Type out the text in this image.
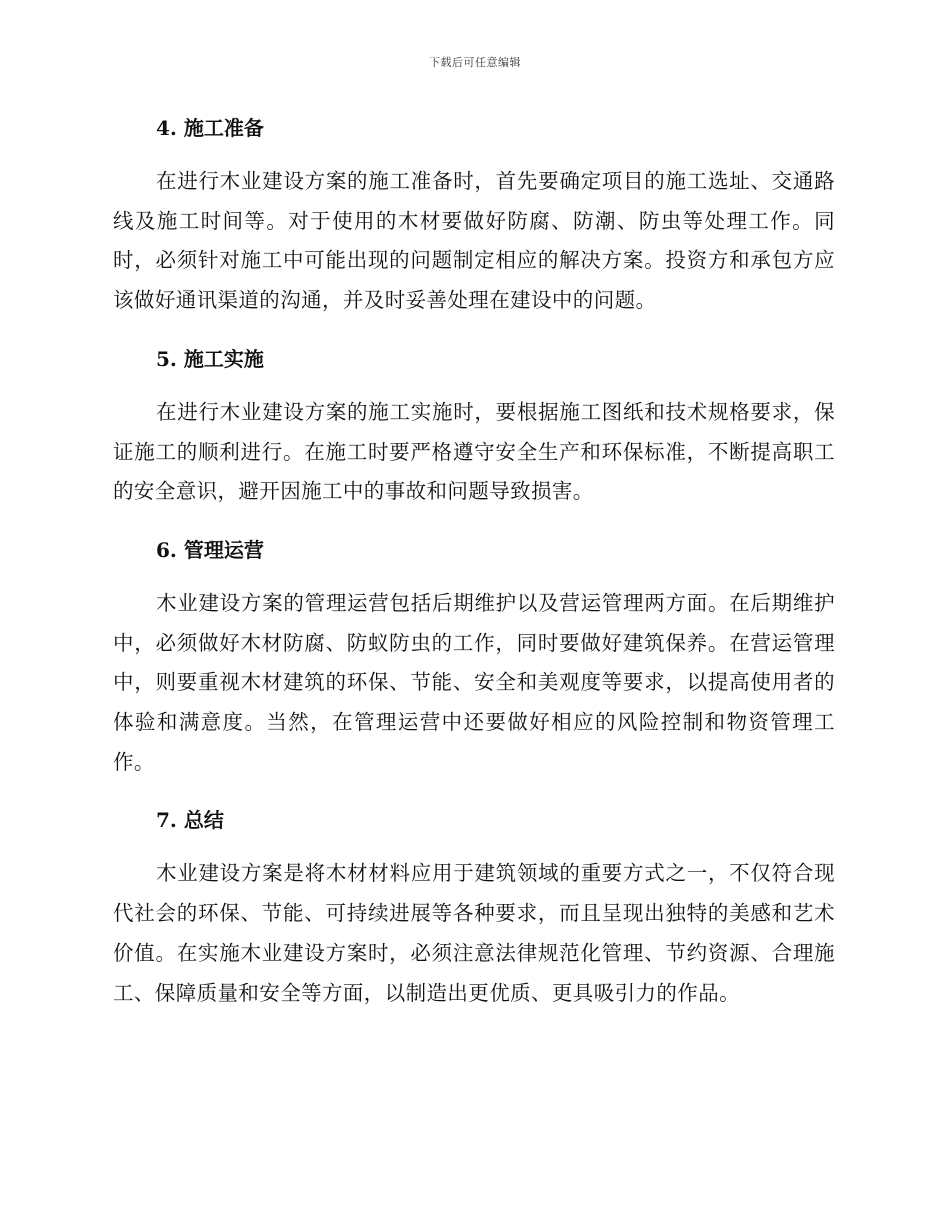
下载后可任意编辑
4. 施工准备

在进行木业建设方案的施工准备时，首先要确定项目的施工选址、交通路线及施工时间等。对于使用的木材要做好防腐、防潮、防虫等处理工作。同时，必须针对施工中可能出现的问题制定相应的解决方案。投资方和承包方应该做好通讯渠道的沟通，并及时妥善处理在建设中的问题。

5. 施工实施

在进行木业建设方案的施工实施时，要根据施工图纸和技术规格要求，保证施工的顺利进行。在施工时要严格遵守安全生产和环保标准，不断提高职工的安全意识，避开因施工中的事故和问题导致损害。

6. 管理运营

木业建设方案的管理运营包括后期维护以及营运管理两方面。在后期维护中，必须做好木材防腐、防蚁防虫的工作，同时要做好建筑保养。在营运管理中，则要重视木材建筑的环保、节能、安全和美观度等要求，以提高使用者的体验和满意度。当然，在管理运营中还要做好相应的风险控制和物资管理工作。

7. 总结

木业建设方案是将木材材料应用于建筑领域的重要方式之一，不仅符合现代社会的环保、节能、可持续进展等各种要求，而且呈现出独特的美感和艺术价值。在实施木业建设方案时，必须注意法律规范化管理、节约资源、合理施工、保障质量和安全等方面，以制造出更优质、更具吸引力的作品。
